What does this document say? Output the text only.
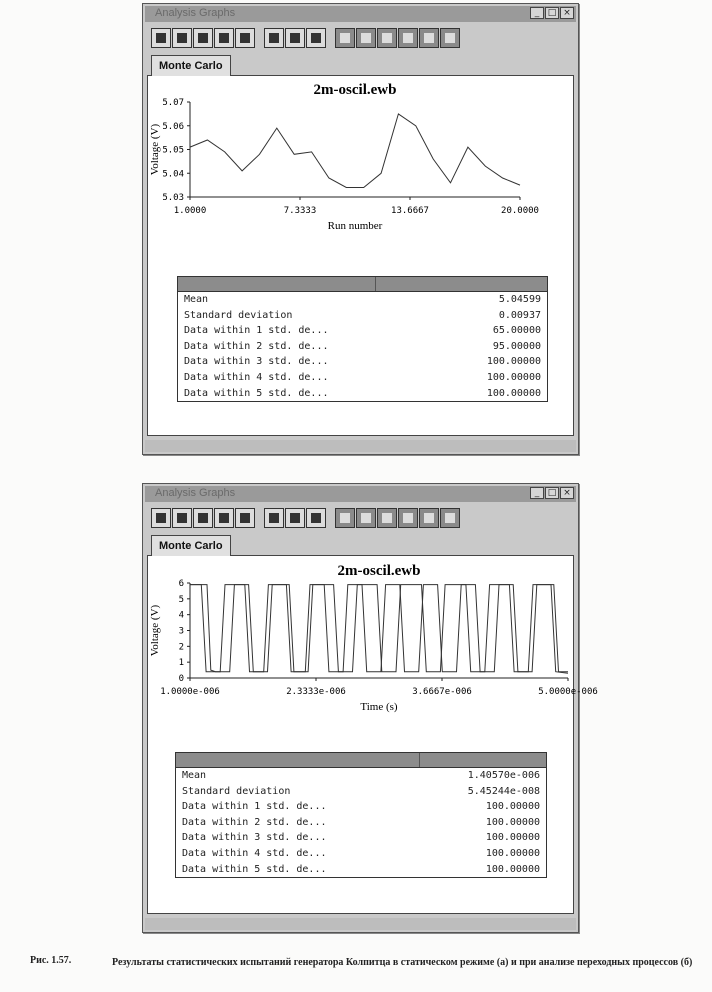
Analysis Graphs	_ □ ×
Monte Carlo
2m-oscil.ewb
5.07
5.06
5.05
5.04
5.03
1.0000	7.3333	13.6667	20.0000
Run number
Voltage (V)
Mean	5.04599
Standard deviation	0.00937
Data within 1 std. de...	65.00000
Data within 2 std. de...	95.00000
Data within 3 std. de...	100.00000
Data within 4 std. de...	100.00000
Data within 5 std. de...	100.00000
Analysis Graphs	_ □ ×
Monte Carlo
2m-oscil.ewb
6
5
4
3
2
1
0
1.0000e-006	2.3333e-006	3.6667e-006	5.0000e-006
Time (s)
Voltage (V)
Mean	1.40570e-006
Standard deviation	5.45244e-008
Data within 1 std. de...	100.00000
Data within 2 std. de...	100.00000
Data within 3 std. de...	100.00000
Data within 4 std. de...	100.00000
Data within 5 std. de...	100.00000
Рис. 1.57.	Результаты статистических испытаний генератора Колпитца в статическом режиме (а) и при анализе переходных процессов (б)
